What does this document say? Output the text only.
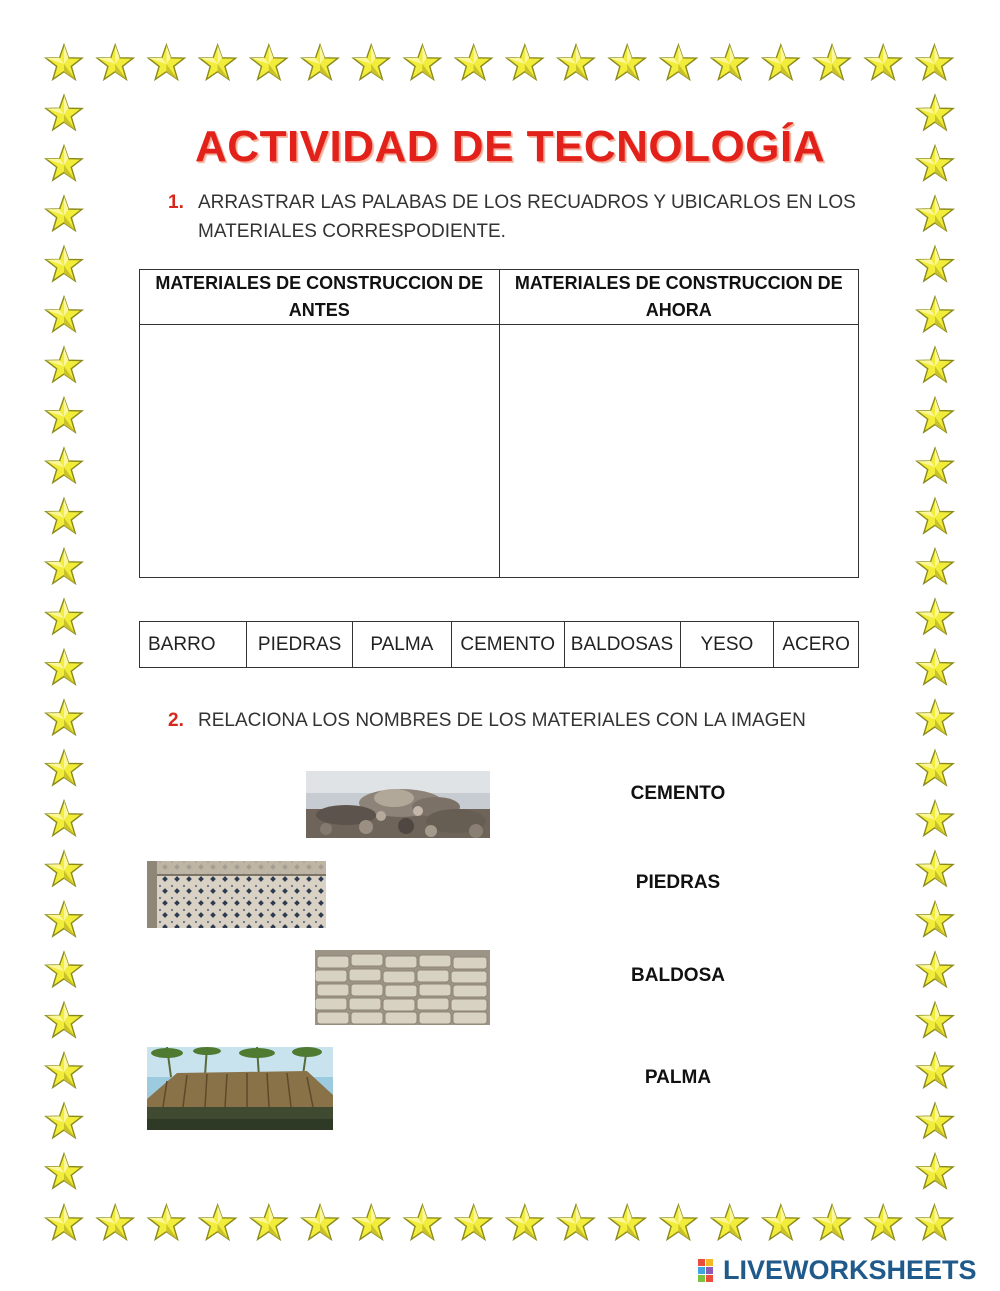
ACTIVIDAD DE TECNOLOGÍA
1. ARRASTRAR LAS PALABAS DE LOS RECUADROS Y UBICARLOS EN LOS MATERIALES CORRESPODIENTE.
MATERIALES DE CONSTRUCCION DE ANTES	MATERIALES DE CONSTRUCCION DE AHORA

BARRO	PIEDRAS	PALMA	CEMENTO	BALDOSAS	YESO	ACERO
2. RELACIONA LOS NOMBRES DE LOS MATERIALES CON LA IMAGEN
CEMENTO
PIEDRAS
BALDOSA
PALMA
LIVEWORKSHEETS
